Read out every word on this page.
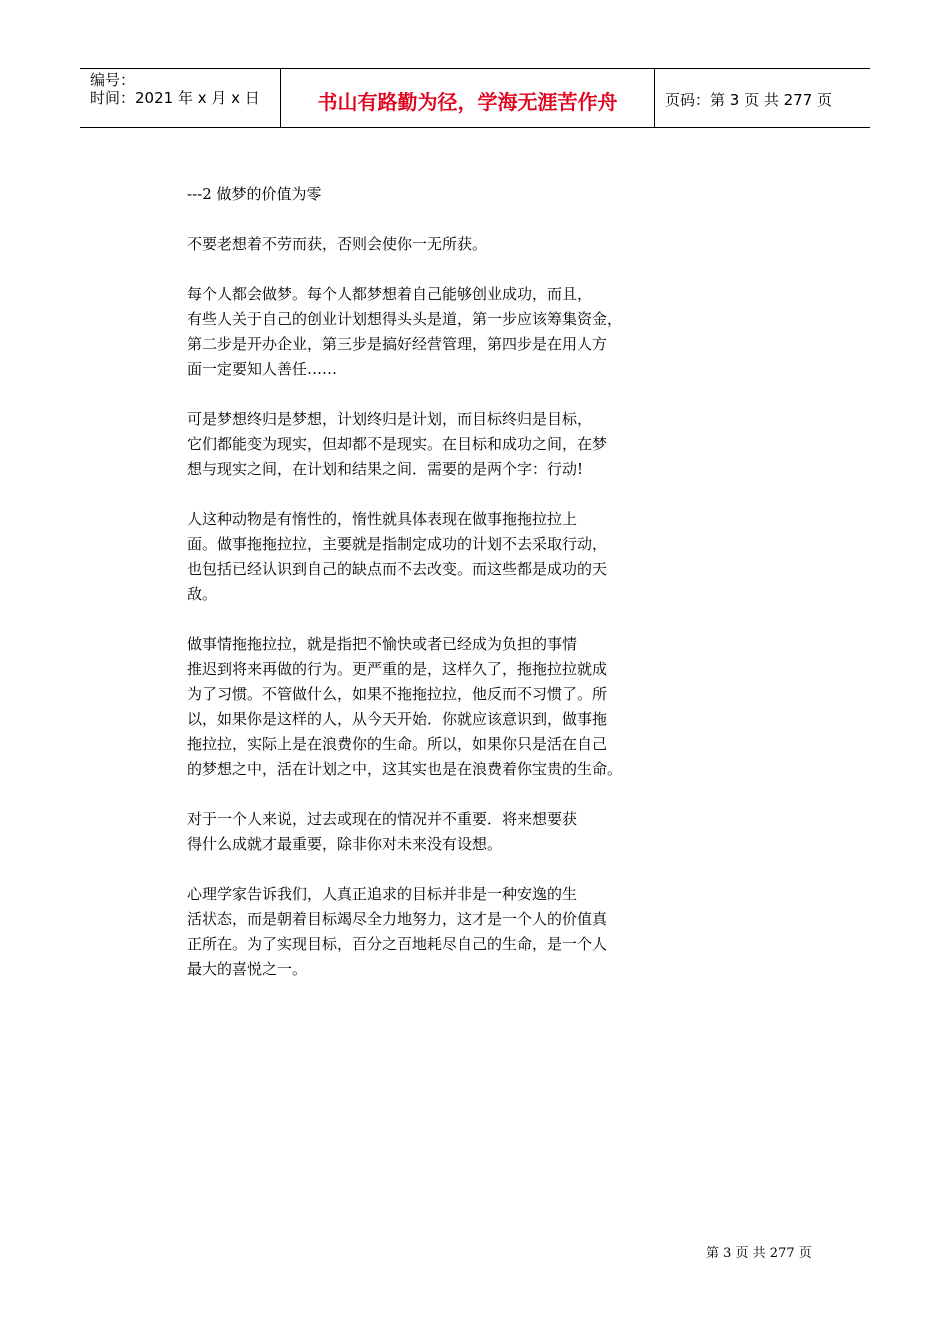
编号：
时间：2021 年 x 月 x 日	书山有路勤为径，学海无涯苦作舟	页码：第 3 页 共 277 页
---2 做梦的价值为零
不要老想着不劳而获，否则会使你一无所获。
每个人都会做梦。每个人都梦想着自己能够创业成功，而且，
有些人关于自己的创业计划想得头头是道，第一步应该筹集资金，
第二步是开办企业，第三步是搞好经营管理，第四步是在用人方
面一定要知人善任……
可是梦想终归是梦想，计划终归是计划，而目标终归是目标，
它们都能变为现实，但却都不是现实。在目标和成功之间，在梦
想与现实之间，在计划和结果之间．需要的是两个字：行动!
人这种动物是有惰性的，惰性就具体表现在做事拖拖拉拉上
面。做事拖拖拉拉，主要就是指制定成功的计划不去采取行动，
也包括已经认识到自己的缺点而不去改变。而这些都是成功的天
敌。
做事情拖拖拉拉，就是指把不愉快或者已经成为负担的事情
推迟到将来再做的行为。更严重的是，这样久了，拖拖拉拉就成
为了习惯。不管做什么，如果不拖拖拉拉，他反而不习惯了。所
以，如果你是这样的人，从今天开始．你就应该意识到，做事拖
拖拉拉，实际上是在浪费你的生命。所以，如果你只是活在自己
的梦想之中，活在计划之中，这其实也是在浪费着你宝贵的生命。
对于一个人来说，过去或现在的情况并不重要．将来想要获
得什么成就才最重要，除非你对未来没有设想。
心理学家告诉我们，人真正追求的目标并非是一种安逸的生
活状态，而是朝着目标竭尽全力地努力，这才是一个人的价值真
正所在。为了实现目标，百分之百地耗尽自己的生命，是一个人
最大的喜悦之一。
第 3 页 共 277 页
